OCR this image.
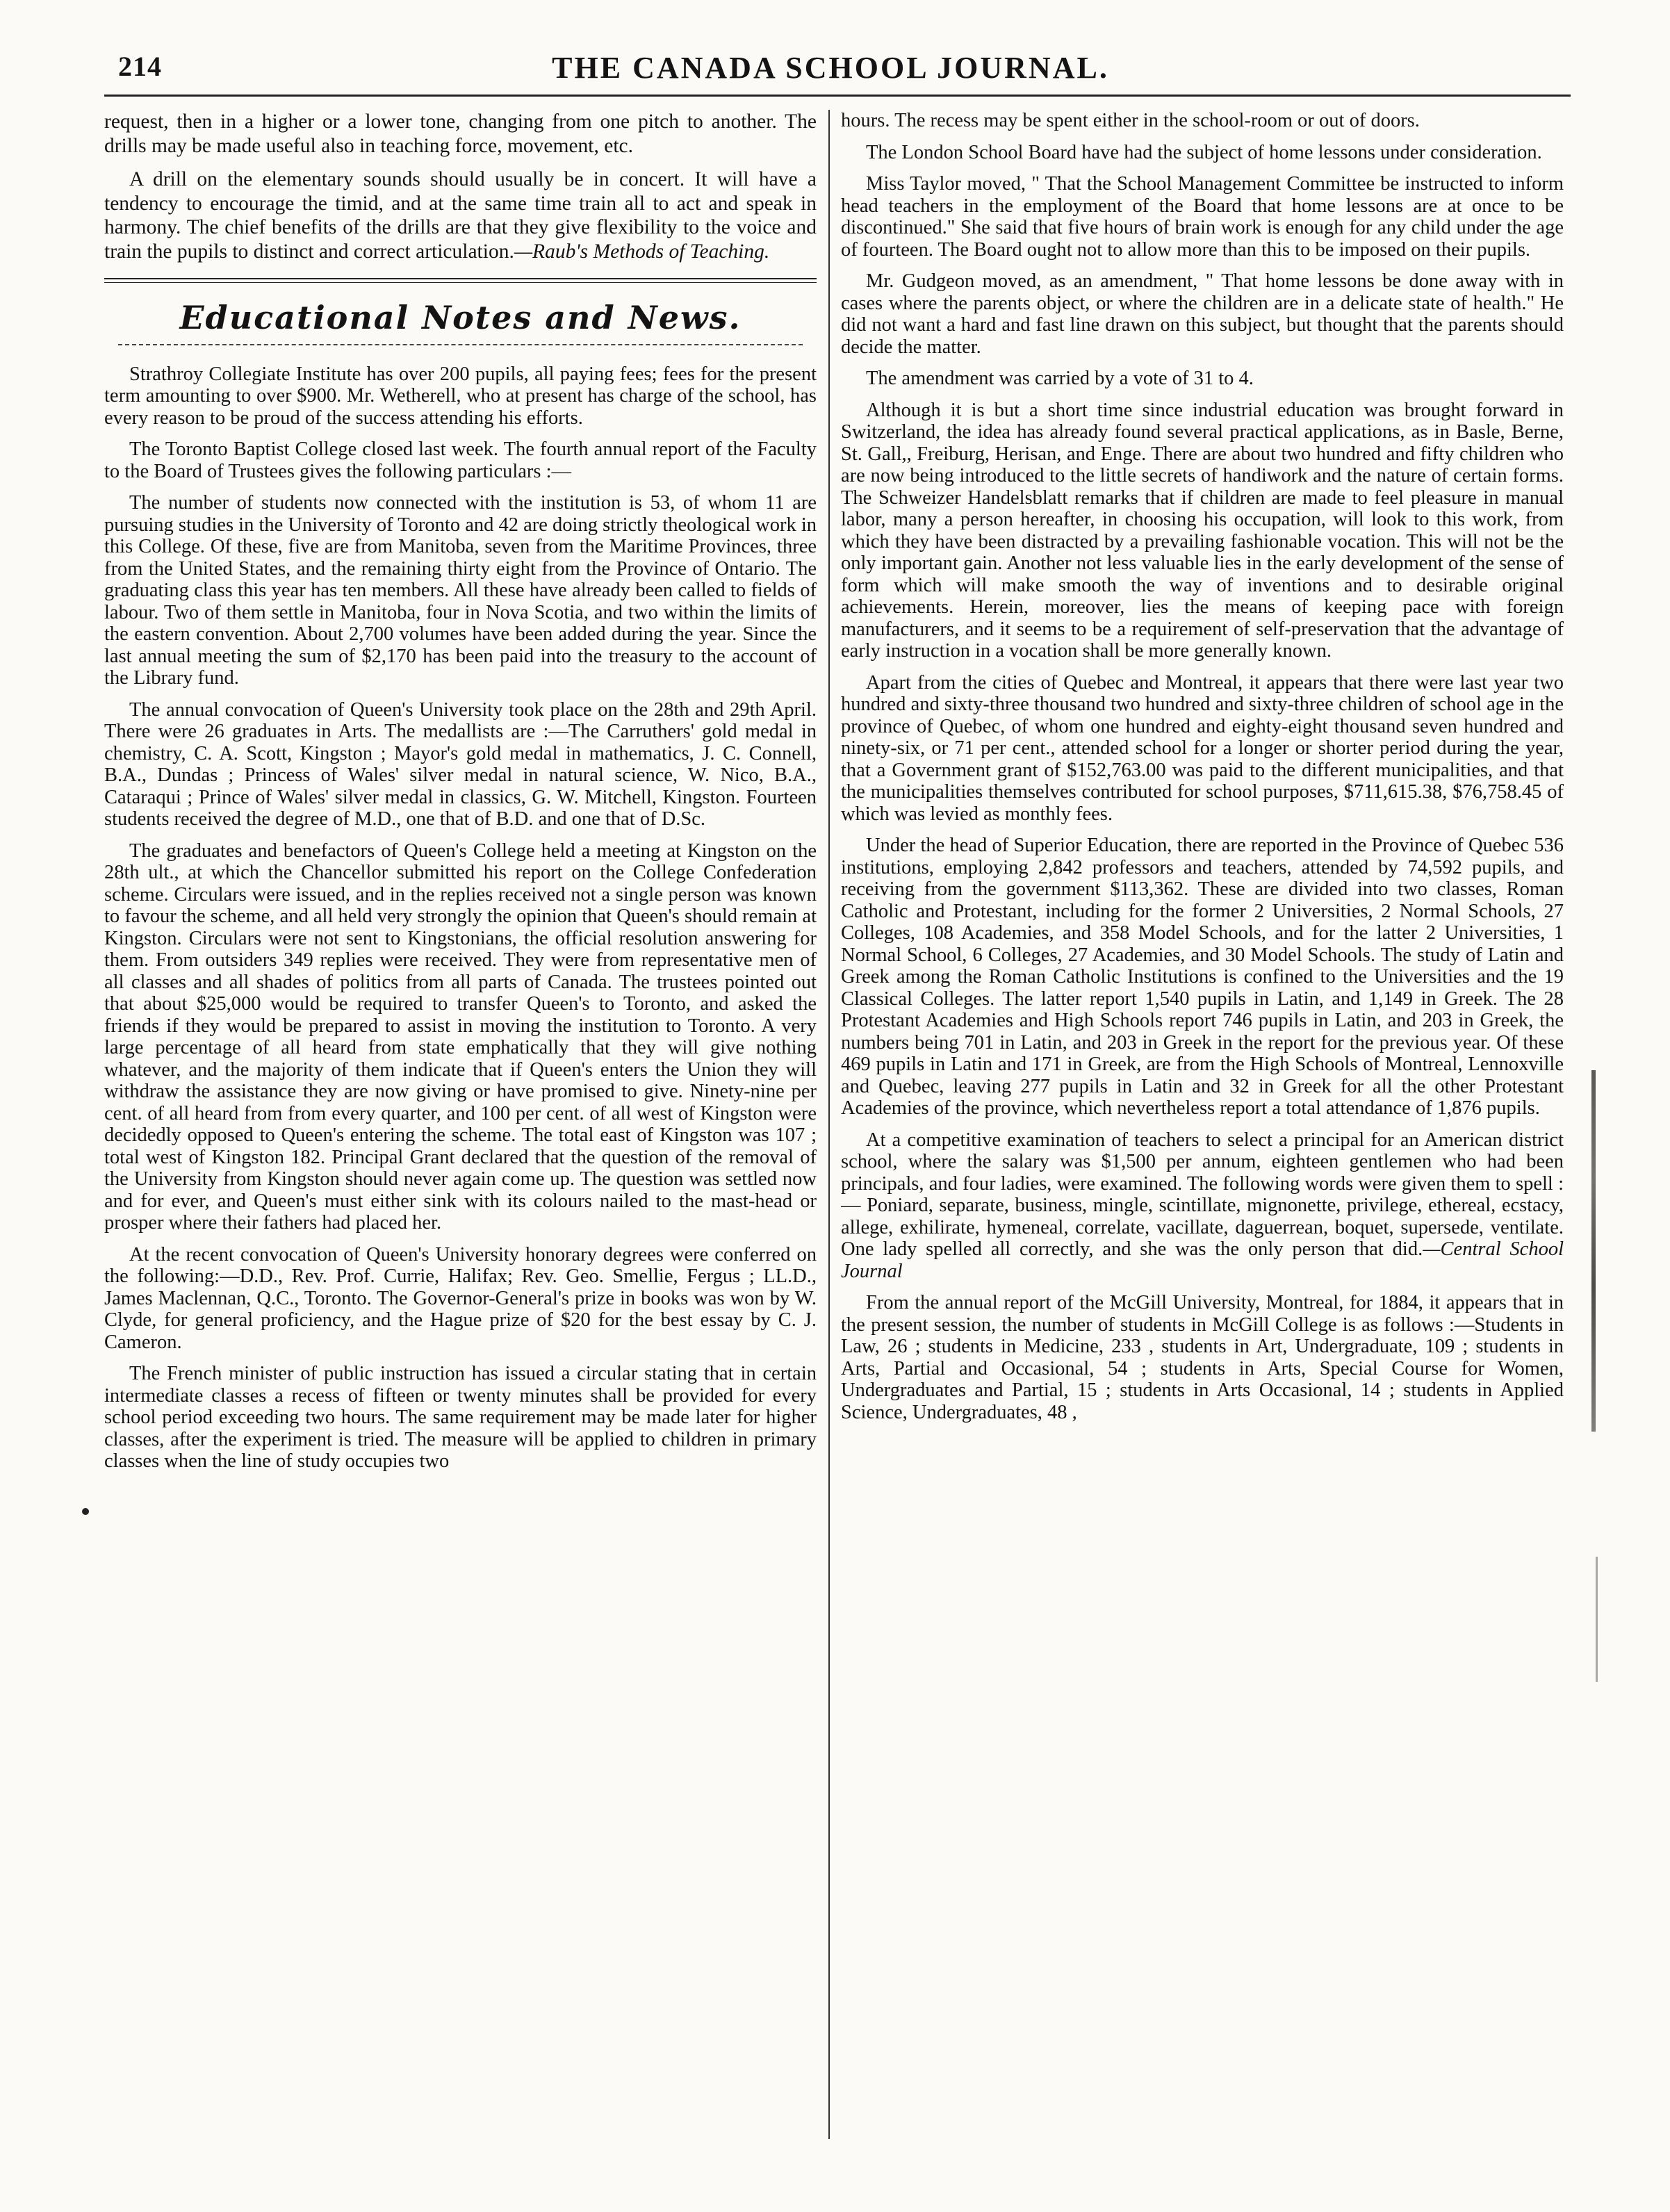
214	THE CANADA SCHOOL JOURNAL.

request, then in a higher or a lower tone, changing from one pitch to another. The drills may be made useful also in teaching force, movement, etc.

A drill on the elementary sounds should usually be in concert. It will have a tendency to encourage the timid, and at the same time train all to act and speak in harmony. The chief benefits of the drills are that they give flexibility to the voice and train the pupils to distinct and correct articulation.—Raub's Methods of Teaching.

Educational Notes and News.

Strathroy Collegiate Institute has over 200 pupils, all paying fees; fees for the present term amounting to over $900. Mr. Wetherell, who at present has charge of the school, has every reason to be proud of the success attending his efforts.

The Toronto Baptist College closed last week. The fourth annual report of the Faculty to the Board of Trustees gives the following particulars :—

The number of students now connected with the institution is 53, of whom 11 are pursuing studies in the University of Toronto and 42 are doing strictly theological work in this College. Of these, five are from Manitoba, seven from the Maritime Provinces, three from the United States, and the remaining thirty eight from the Province of Ontario. The graduating class this year has ten members. All these have already been called to fields of labour. Two of them settle in Manitoba, four in Nova Scotia, and two within the limits of the eastern convention. About 2,700 volumes have been added during the year. Since the last annual meeting the sum of $2,170 has been paid into the treasury to the account of the Library fund.

The annual convocation of Queen's University took place on the 28th and 29th April. There were 26 graduates in Arts. The medallists are :—The Carruthers' gold medal in chemistry, C. A. Scott, Kingston ; Mayor's gold medal in mathematics, J. C. Connell, B.A., Dundas ; Princess of Wales' silver medal in natural science, W. Nico, B.A., Cataraqui ; Prince of Wales' silver medal in classics, G. W. Mitchell, Kingston. Fourteen students received the degree of M.D., one that of B.D. and one that of D.Sc.

The graduates and benefactors of Queen's College held a meeting at Kingston on the 28th ult., at which the Chancellor submitted his report on the College Confederation scheme. Circulars were issued, and in the replies received not a single person was known to favour the scheme, and all held very strongly the opinion that Queen's should remain at Kingston. Circulars were not sent to Kingstonians, the official resolution answering for them. From outsiders 349 replies were received. They were from representative men of all classes and all shades of politics from all parts of Canada. The trustees pointed out that about $25,000 would be required to transfer Queen's to Toronto, and asked the friends if they would be prepared to assist in moving the institution to Toronto. A very large percentage of all heard from state emphatically that they will give nothing whatever, and the majority of them indicate that if Queen's enters the Union they will withdraw the assistance they are now giving or have promised to give. Ninety-nine per cent. of all heard from from every quarter, and 100 per cent. of all west of Kingston were decidedly opposed to Queen's entering the scheme. The total east of Kingston was 107 ; total west of Kingston 182. Principal Grant declared that the question of the removal of the University from Kingston should never again come up. The question was settled now and for ever, and Queen's must either sink with its colours nailed to the mast-head or prosper where their fathers had placed her.

At the recent convocation of Queen's University honorary degrees were conferred on the following:—D.D., Rev. Prof. Currie, Halifax; Rev. Geo. Smellie, Fergus ; LL.D., James Maclennan, Q.C., Toronto. The Governor-General's prize in books was won by W. Clyde, for general proficiency, and the Hague prize of $20 for the best essay by C. J. Cameron.

The French minister of public instruction has issued a circular stating that in certain intermediate classes a recess of fifteen or twenty minutes shall be provided for every school period exceeding two hours. The same requirement may be made later for higher classes, after the experiment is tried. The measure will be applied to children in primary classes when the line of study occupies two

hours. The recess may be spent either in the school-room or out of doors.

The London School Board have had the subject of home lessons under consideration.

Miss Taylor moved, " That the School Management Committee be instructed to inform head teachers in the employment of the Board that home lessons are at once to be discontinued." She said that five hours of brain work is enough for any child under the age of fourteen. The Board ought not to allow more than this to be imposed on their pupils.

Mr. Gudgeon moved, as an amendment, " That home lessons be done away with in cases where the parents object, or where the children are in a delicate state of health." He did not want a hard and fast line drawn on this subject, but thought that the parents should decide the matter.

The amendment was carried by a vote of 31 to 4.

Although it is but a short time since industrial education was brought forward in Switzerland, the idea has already found several practical applications, as in Basle, Berne, St. Gall,, Freiburg, Herisan, and Enge. There are about two hundred and fifty children who are now being introduced to the little secrets of handiwork and the nature of certain forms. The Schweizer Handelsblatt remarks that if children are made to feel pleasure in manual labor, many a person hereafter, in choosing his occupation, will look to this work, from which they have been distracted by a prevailing fashionable vocation. This will not be the only important gain. Another not less valuable lies in the early development of the sense of form which will make smooth the way of inventions and to desirable original achievements. Herein, moreover, lies the means of keeping pace with foreign manufacturers, and it seems to be a requirement of self-preservation that the advantage of early instruction in a vocation shall be more generally known.

Apart from the cities of Quebec and Montreal, it appears that there were last year two hundred and sixty-three thousand two hundred and sixty-three children of school age in the province of Quebec, of whom one hundred and eighty-eight thousand seven hundred and ninety-six, or 71 per cent., attended school for a longer or shorter period during the year, that a Government grant of $152,763.00 was paid to the different municipalities, and that the municipalities themselves contributed for school purposes, $711,615.38, $76,758.45 of which was levied as monthly fees.

Under the head of Superior Education, there are reported in the Province of Quebec 536 institutions, employing 2,842 professors and teachers, attended by 74,592 pupils, and receiving from the government $113,362. These are divided into two classes, Roman Catholic and Protestant, including for the former 2 Universities, 2 Normal Schools, 27 Colleges, 108 Academies, and 358 Model Schools, and for the latter 2 Universities, 1 Normal School, 6 Colleges, 27 Academies, and 30 Model Schools. The study of Latin and Greek among the Roman Catholic Institutions is confined to the Universities and the 19 Classical Colleges. The latter report 1,540 pupils in Latin, and 1,149 in Greek. The 28 Protestant Academies and High Schools report 746 pupils in Latin, and 203 in Greek, the numbers being 701 in Latin, and 203 in Greek in the report for the previous year. Of these 469 pupils in Latin and 171 in Greek, are from the High Schools of Montreal, Lennoxville and Quebec, leaving 277 pupils in Latin and 32 in Greek for all the other Protestant Academies of the province, which nevertheless report a total attendance of 1,876 pupils.

At a competitive examination of teachers to select a principal for an American district school, where the salary was $1,500 per annum, eighteen gentlemen who had been principals, and four ladies, were examined. The following words were given them to spell :— Poniard, separate, business, mingle, scintillate, mignonette, privilege, ethereal, ecstacy, allege, exhilirate, hymeneal, correlate, vacillate, daguerrean, boquet, supersede, ventilate. One lady spelled all correctly, and she was the only person that did.—Central School Journal

From the annual report of the McGill University, Montreal, for 1884, it appears that in the present session, the number of students in McGill College is as follows :—Students in Law, 26 ; students in Medicine, 233 , students in Art, Undergraduate, 109 ; students in Arts, Partial and Occasional, 54 ; students in Arts, Special Course for Women, Undergraduates and Partial, 15 ; students in Arts Occasional, 14 ; students in Applied Science, Undergraduates, 48 ,
